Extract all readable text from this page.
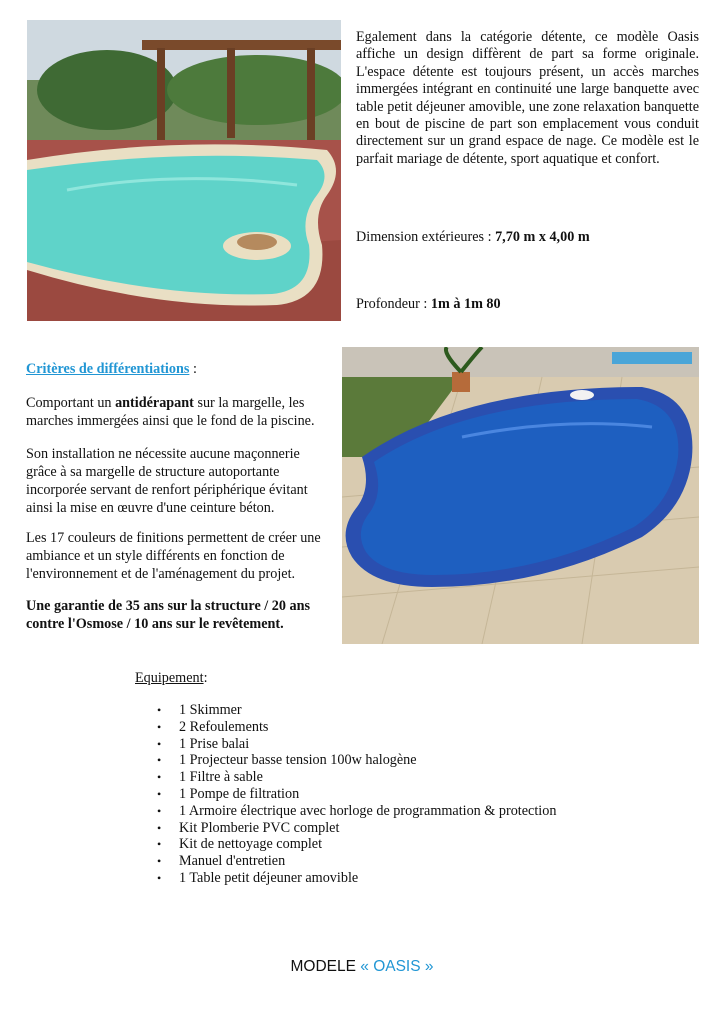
Egalement dans la catégorie détente, ce modèle Oasis affiche un design diffèrent de part sa forme originale. L'espace détente est toujours présent, un accès marches immergées intégrant en continuité une large banquette avec table petit déjeuner amovible, une zone relaxation banquette en bout de piscine de part son emplacement vous conduit directement sur un grand espace de nage. Ce modèle est le parfait mariage de détente, sport aquatique et confort.
Dimension extérieures : 7,70 m x 4,00 m
Profondeur : 1m à 1m 80
Critères de différentiations :
Comportant un antidérapant sur la margelle, les marches immergées ainsi que le fond de la piscine.
Son installation ne nécessite aucune maçonnerie grâce à sa margelle de structure autoportante incorporée servant de renfort périphérique évitant ainsi la mise en œuvre d'une ceinture béton.
Les 17 couleurs de finitions permettent de créer une ambiance et un style différents en fonction de l'environnement et de l'aménagement du projet.
Une garantie de 35 ans sur la structure / 20 ans contre l'Osmose / 10 ans sur le revêtement.
Equipement:
• 1 Skimmer
• 2 Refoulements
• 1 Prise balai
• 1 Projecteur basse tension 100w halogène
• 1 Filtre à sable
• 1 Pompe de filtration
• 1 Armoire électrique avec horloge de programmation & protection
• Kit Plomberie PVC complet
• Kit de nettoyage complet
• Manuel d'entretien
• 1 Table petit déjeuner amovible
MODELE « OASIS »
